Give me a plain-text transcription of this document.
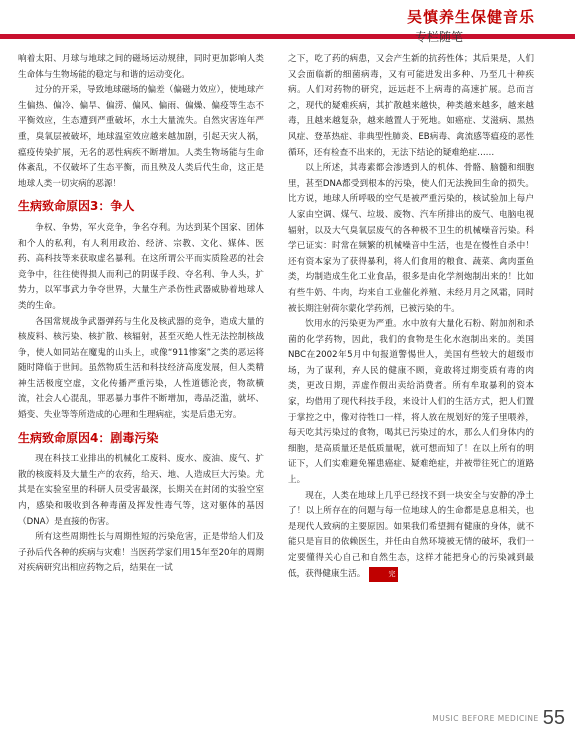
吴慎养生保健音乐
专栏随笔

响着太阳、月球与地球之间的磁场运动规律，同时更加影响人类生命体与生物场能的稳定与和谐的运动变化。

过分的开采，导致地球磁场的偏差（偏磁力效应），使地球产生偏热、偏冷、偏旱、偏涝、偏风、偏雨、偏燥、偏疫等生态不平衡效应，生态遭到严重破坏，水土大量流失。自然灾害连年严重，臭氧层被破坏，地球温室效应越来越加剧，引起天灾人祸，瘟疫传染扩展，无名的恶性病疾不断增加。人类生物场能与生命体紊乱，不仅破坏了生态平衡，而且殃及人类后代生命，这正是地球人类一切灾病的恶源！

生病致命原因3：争人

争权、争势，军火竞争，争名夺利。为达到某个国家、团体和个人的私利，有人利用政治、经济、宗教、文化、媒体、医药、高科技等来获取虚名暴利。在这所谓公平而实质险恶的社会竞争中，往往使得损人而利己的阴谋手段、夺名利、争人头，扩势力，以军事武力争夺世界，大量生产杀伤性武器威胁着地球人类的生命。

各国常规战争武器弹药与生化及核武器的竞争，造成大量的核废料、核污染、核扩散、核辐射，甚至灭绝人性无法控制核战争，使人如同站在魔鬼的山头上，或像“911惨案”之类的恶运将随时降临于世间。虽然物质生活和科技经济高度发展，但人类精神生活极度空虚，文化传播严重污染，人性道德沦丧，物欲横流，社会人心混乱，罪恶暴力事件不断增加，毒品泛滥，就坏、婚变、失业等等所造成的心理和生理病症，实是后患无穷。

生病致命原因4：剧毒污染

现在科技工业排出的机械化工废料、废水、废油、废气、扩散的核废料及大量生产的农药，给天、地、人造成巨大污染。尤其是在实验室里的科研人员受害最深，长期关在封闭的实验空室内，感染和吸收到各种毒菌及挥发性毒气等，这对躯体的基因（DNA）是直接的伤害。

所有这些周期性长与周期性短的污染危害，正是带给人们及子孙后代各种的疾病与灾难！当医药学家们用15年至20年的周期对疾病研究出相应药物之后，结果在一试

之下，吃了药的病患，又会产生新的抗药性体；其后果是，人们又会面临新的细菌病毒，又有可能进发出多种、乃至几十种疾病。人们对药物的研究，远远赶不上病毒的高速扩展。总而言之，现代的疑难疾病，其扩散越来越快，种类越来越多，越来越毒，且越来越复杂，越来越置人于死地。如癌症、艾滋病、黑热风症、登革热症、非典型性肺炎、EB病毒、禽流感等瘟疫的恶性循环，还有检查不出来的，无法下结论的疑难绝症……

以上所述，其毒素都会渗透到人的机体、骨骼、脑髓和细胞里，甚至DNA都受到根本的污染，使人们无法挽回生命的损失。比方说，地球人所呼吸的空气是被严重污染的，核试验加上每户人家由空调、煤气、垃圾、废物、汽车所排出的废气、电脑电视辐射，以及大气臭氧层废气的各种极不卫生的机械噪音污染。科学已证实：时常在频繁的机械噪音中生活，也是在慢性自杀中！还有资本家为了获得暴利，将人们食用的粮食、蔬菜、禽肉蛋鱼类，均制造成生化工业食品，很多是由化学剂炮制出来的！比如有些牛奶、牛肉，均来自工业催化养殖、未经月月之风霜，同时被长期注射荷尔蒙化学药剂，已被污染的牛。

饮用水的污染更为严重。水中放有大量化石粉、附加剂和杀菌的化学药物，因此，我们的食物是生化水泡制出来的。美国NBC在2002年5月中旬报道警惕世人，美国有些较大的超级市场，为了谋利，弃人民的健康不顾，竟敢将过期变质有毒的肉类，更改日期，弄虚作假出卖给消费者。所有牟取暴利的资本家，均借用了现代科技手段，来设计人们的生活方式，把人们置于掌控之中，像对待牲口一样，将人放在规划好的笼子里喂养，每天吃其污染过的食物，喝其已污染过的水，那么人们身体内的细胞，是高质量还是低质量呢，就可想而知了！在以上所有的明证下，人们实难避免罹患癌症、疑难绝症，并被带往死亡的道路上。

现在，人类在地球上几乎已经找不到一块安全与安静的净土了！以上所存在的问题与每一位地球人的生命都是息息相关，也是现代人致病的主要原因。如果我们希望拥有健康的身体，就不能只是盲目的依赖医生，并任由自然环境被无情的破坏，我们一定要懂得关心自己和自然生态，这样才能把身心的污染减到最低，获得健康生活。	完

MUSIC BEFORE MEDICINE 55
